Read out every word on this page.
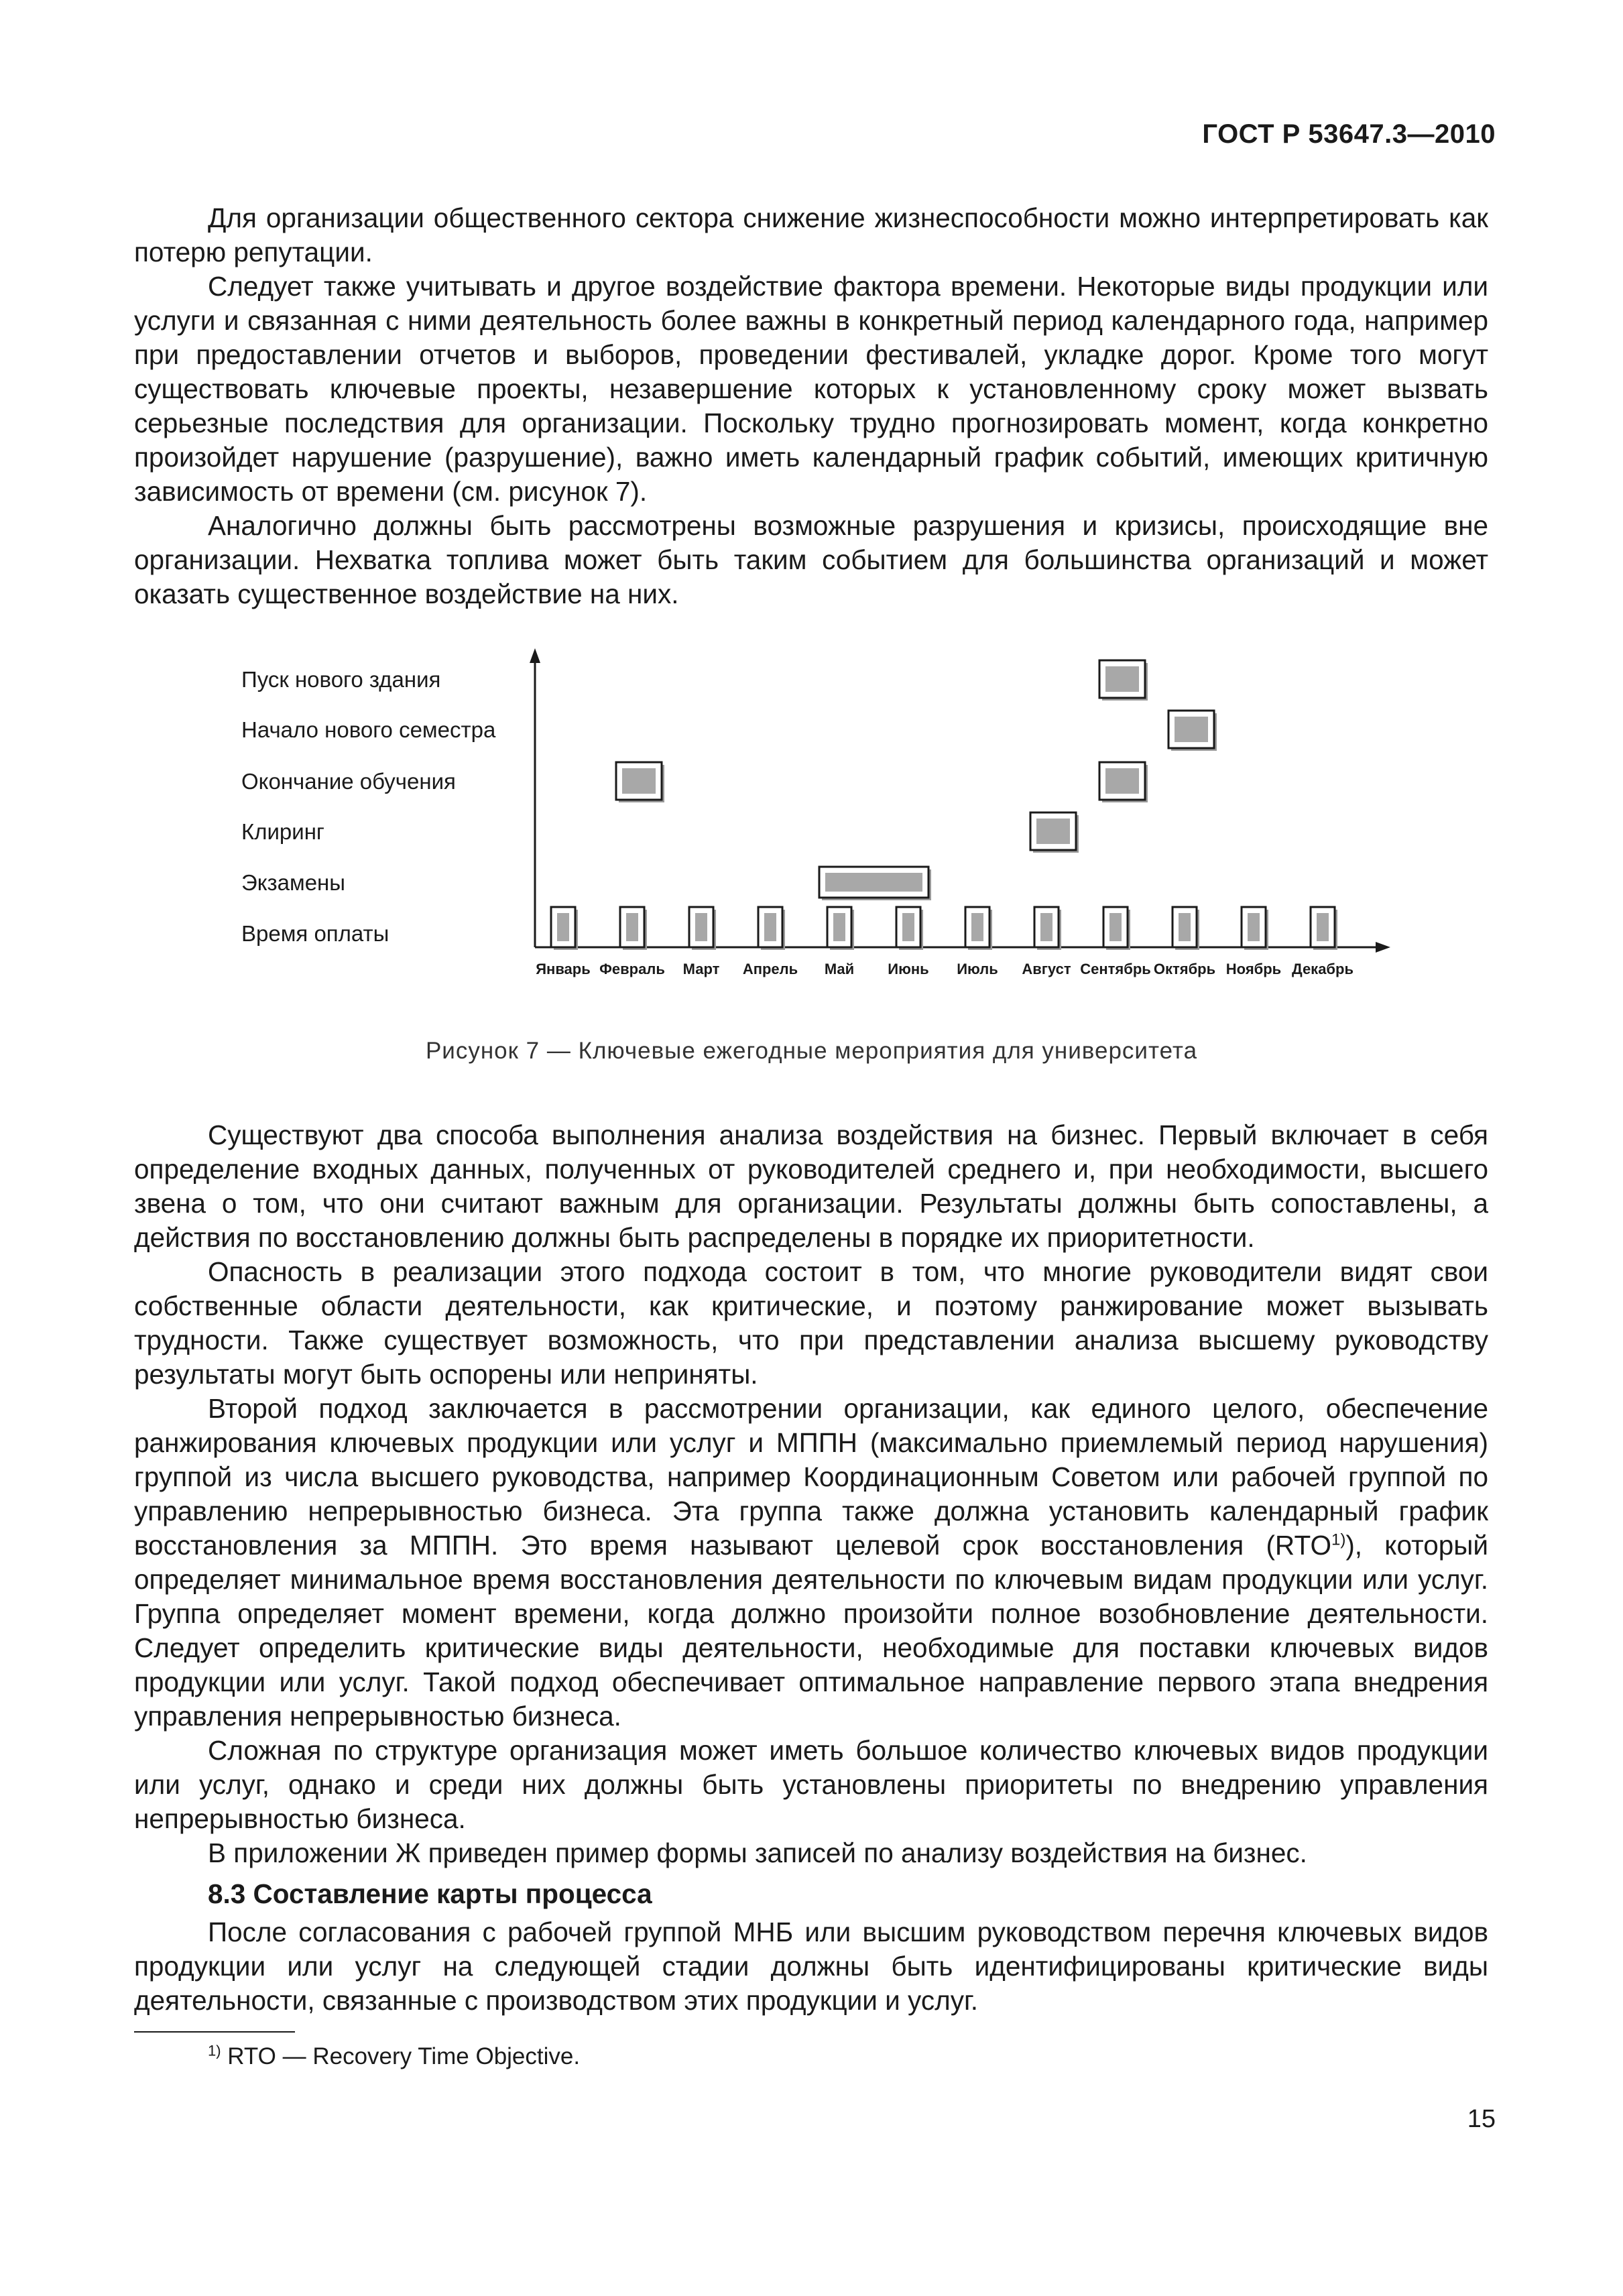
ГОСТ Р 53647.3—2010

Для организации общественного сектора снижение жизнеспособности можно интерпретировать как потерю репутации.

Следует также учитывать и другое воздействие фактора времени. Некоторые виды продукции или услуги и связанная с ними деятельность более важны в конкретный период календарного года, например при предоставлении отчетов и выборов, проведении фестивалей, укладке дорог. Кроме того могут существовать ключевые проекты, незавершение которых к установленному сроку может вызвать серьезные последствия для организации. Поскольку трудно прогнозировать момент, когда конкретно произойдет нарушение (разрушение), важно иметь календарный график событий, имеющих критичную зависимость от времени (см. рисунок 7).

Аналогично должны быть рассмотрены возможные разрушения и кризисы, происходящие вне организации. Нехватка топлива может быть таким событием для большинства организаций и может оказать существенное воздействие на них.

Пуск нового здания
Начало нового семестра
Окончание обучения
Клиринг
Экзамены
Время оплаты
Январь Февраль Март Апрель Май Июнь Июль Август Сентябрь Октябрь Ноябрь Декабрь
Рисунок 7 — Ключевые ежегодные мероприятия для университета

Существуют два способа выполнения анализа воздействия на бизнес. Первый включает в себя определение входных данных, полученных от руководителей среднего и, при необходимости, высшего звена о том, что они считают важным для организации. Результаты должны быть сопоставлены, а действия по восстановлению должны быть распределены в порядке их приоритетности.

Опасность в реализации этого подхода состоит в том, что многие руководители видят свои собственные области деятельности, как критические, и поэтому ранжирование может вызывать трудности. Также существует возможность, что при представлении анализа высшему руководству результаты могут быть оспорены или неприняты.

Второй подход заключается в рассмотрении организации, как единого целого, обеспечение ранжирования ключевых продукции или услуг и МППН (максимально приемлемый период нарушения) группой из числа высшего руководства, например Координационным Советом или рабочей группой по управлению непрерывностью бизнеса. Эта группа также должна установить календарный график восстановления за МППН. Это время называют целевой срок восстановления (RTO$^{1)}$), который определяет минимальное время восстановления деятельности по ключевым видам продукции или услуг. Группа определяет момент времени, когда должно произойти полное возобновление деятельности. Следует определить критические виды деятельности, необходимые для поставки ключевых видов продукции или услуг. Такой подход обеспечивает оптимальное направление первого этапа внедрения управления непрерывностью бизнеса.

Сложная по структуре организация может иметь большое количество ключевых видов продукции или услуг, однако и среди них должны быть установлены приоритеты по внедрению управления непрерывностью бизнеса.

В приложении Ж приведен пример формы записей по анализу воздействия на бизнес.

8.3 Составление карты процесса

После согласования с рабочей группой МНБ или высшим руководством перечня ключевых видов продукции или услуг на следующей стадии должны быть идентифицированы критические виды деятельности, связанные с производством этих продукции и услуг.

$^{1)}$ RTO — Recovery Time Objective.
15
